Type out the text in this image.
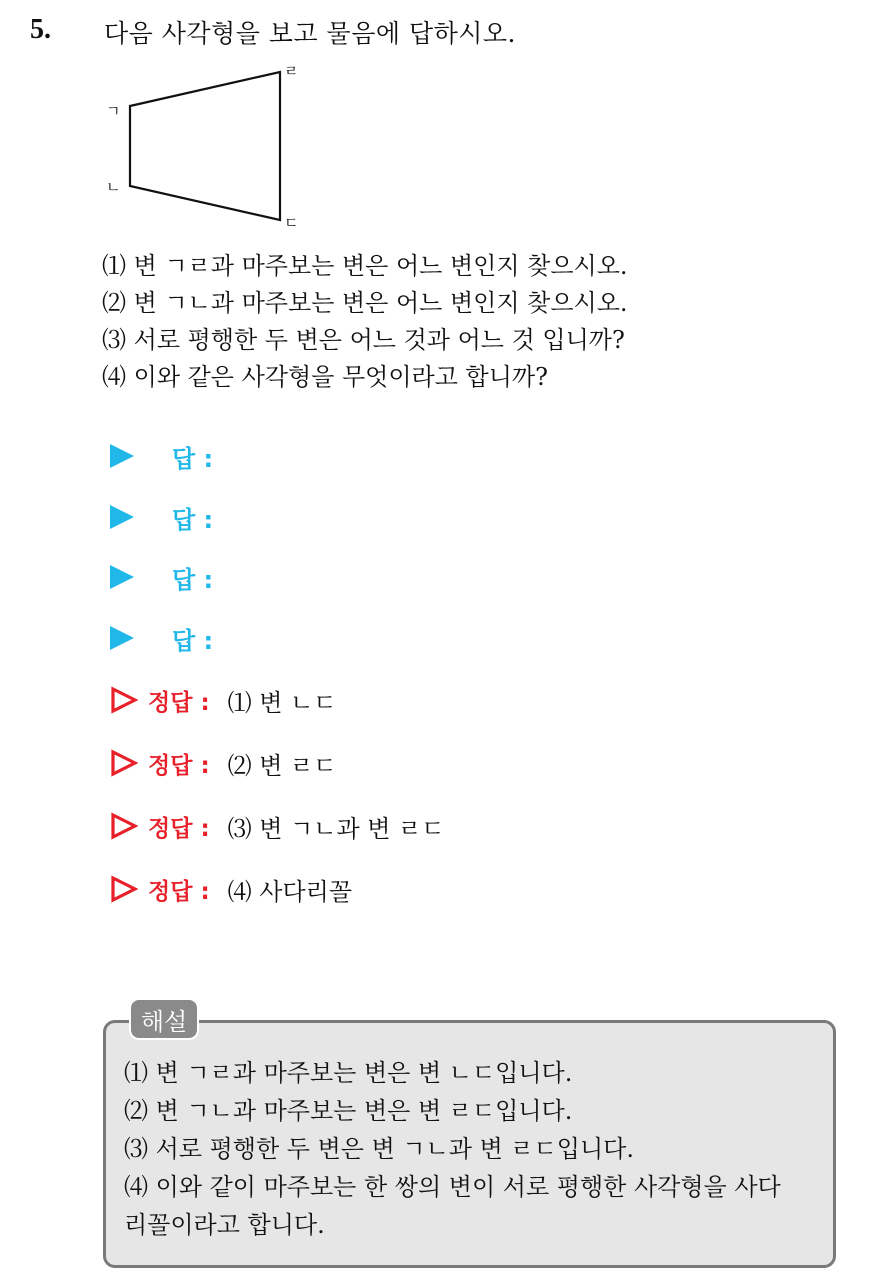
5. 다음 사각형을 보고 물음에 답하시오.
ㄱ
ㄴ
ㄹ
ㄷ
⑴ 변 ㄱㄹ과 마주보는 변은 어느 변인지 찾으시오.
⑵ 변 ㄱㄴ과 마주보는 변은 어느 변인지 찾으시오.
⑶ 서로 평행한 두 변은 어느 것과 어느 것 입니까?
⑷ 이와 같은 사각형을 무엇이라고 합니까?
답 :
답 :
답 :
답 :
정답 : ⑴ 변 ㄴㄷ
정답 : ⑵ 변 ㄹㄷ
정답 : ⑶ 변 ㄱㄴ과 변 ㄹㄷ
정답 : ⑷ 사다리꼴
해설
⑴ 변 ㄱㄹ과 마주보는 변은 변 ㄴㄷ입니다.
⑵ 변 ㄱㄴ과 마주보는 변은 변 ㄹㄷ입니다.
⑶ 서로 평행한 두 변은 변 ㄱㄴ과 변 ㄹㄷ입니다.
⑷ 이와 같이 마주보는 한 쌍의 변이 서로 평행한 사각형을 사다
리꼴이라고 합니다.
